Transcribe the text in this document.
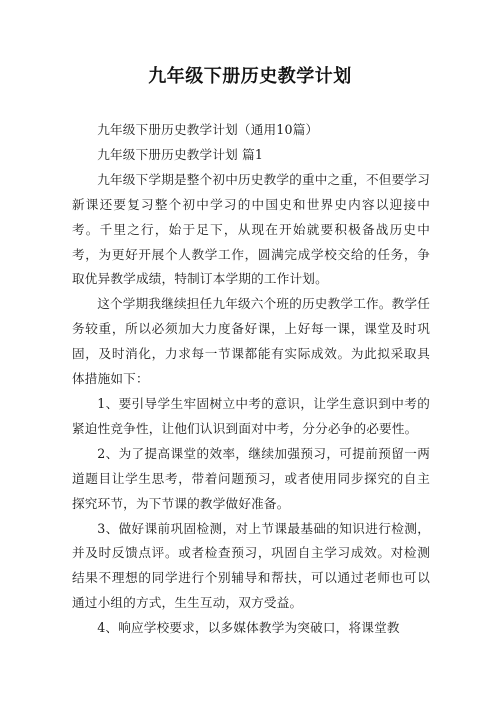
九年级下册历史教学计划

九年级下册历史教学计划（通用10篇）

九年级下册历史教学计划 篇1

九年级下学期是整个初中历史教学的重中之重，不但要学习新课还要复习整个初中学习的中国史和世界史内容以迎接中考。千里之行，始于足下，从现在开始就要积极备战历史中考，为更好开展个人教学工作，圆满完成学校交给的任务，争取优异教学成绩，特制订本学期的工作计划。

这个学期我继续担任九年级六个班的历史教学工作。教学任务较重，所以必须加大力度备好课，上好每一课，课堂及时巩固，及时消化，力求每一节课都能有实际成效。为此拟采取具体措施如下：

1、要引导学生牢固树立中考的意识，让学生意识到中考的紧迫性竞争性，让他们认识到面对中考，分分必争的必要性。

2、为了提高课堂的效率，继续加强预习，可提前预留一两道题目让学生思考，带着问题预习，或者使用同步探究的自主探究环节，为下节课的教学做好准备。

3、做好课前巩固检测，对上节课最基础的知识进行检测，并及时反馈点评。或者检查预习，巩固自主学习成效。对检测结果不理想的同学进行个别辅导和帮扶，可以通过老师也可以通过小组的方式，生生互动，双方受益。

4、响应学校要求，以多媒体教学为突破口，将课堂教
